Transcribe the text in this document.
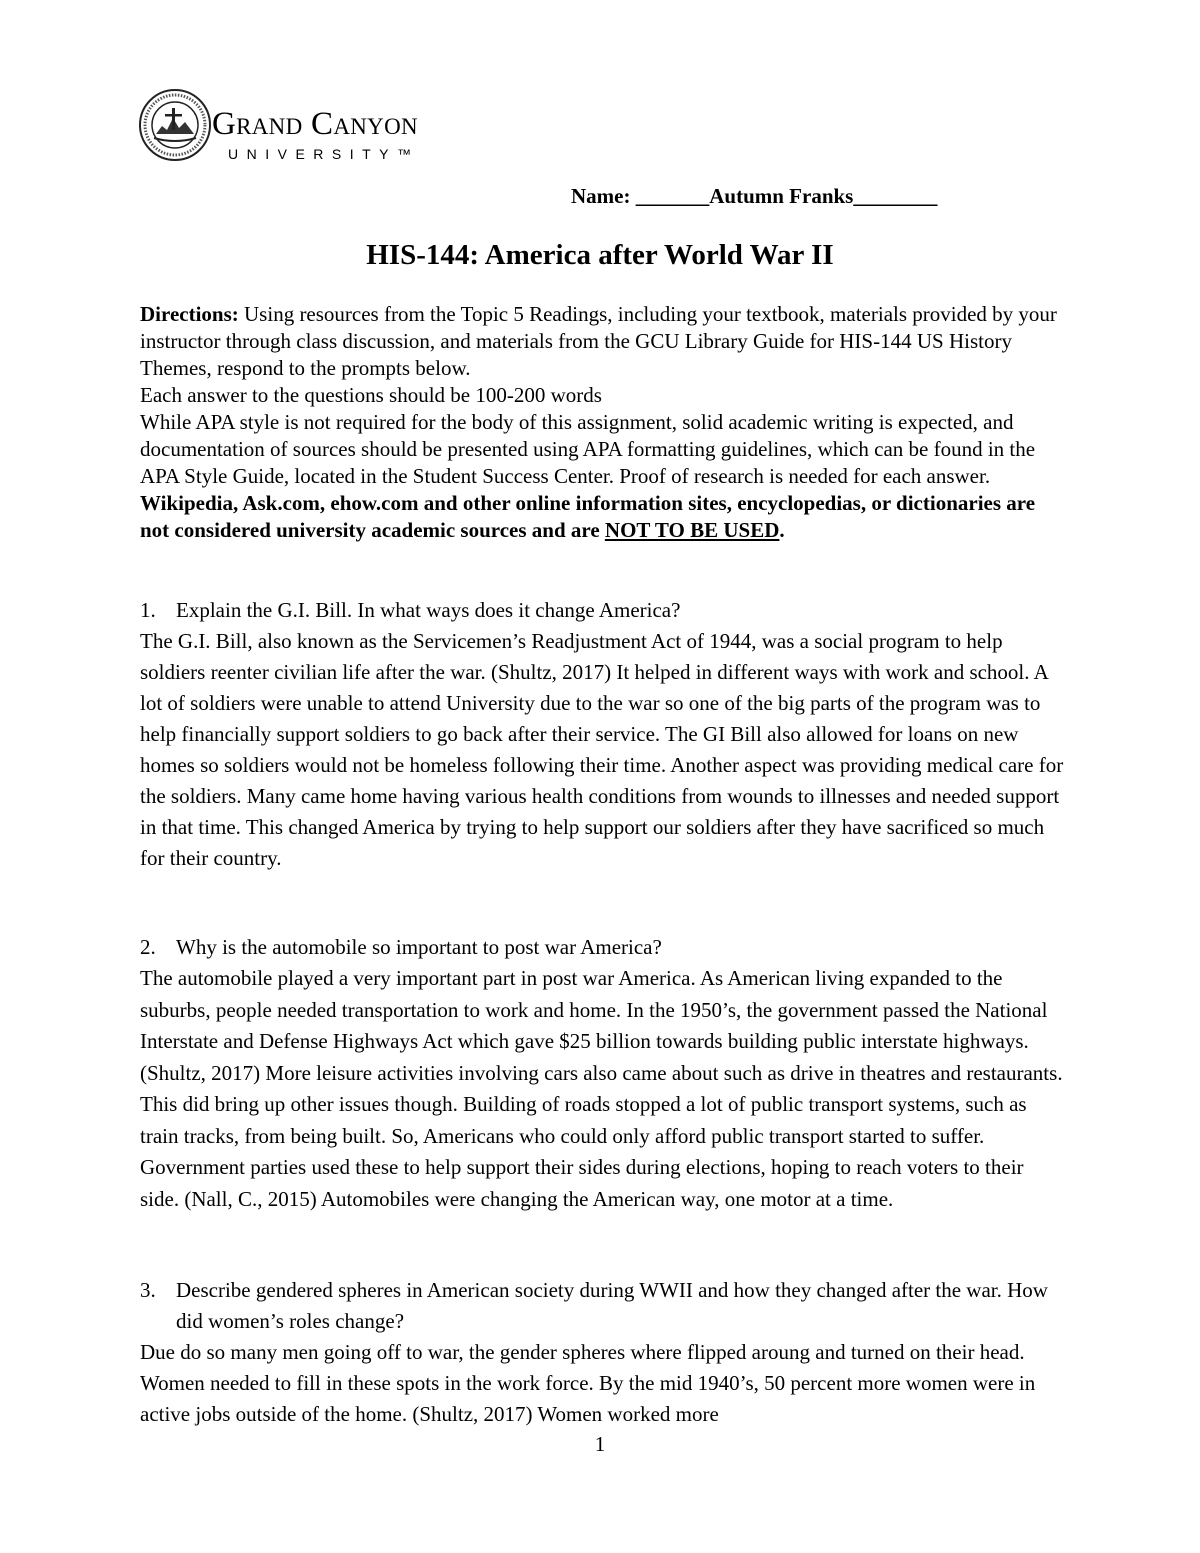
Grand Canyon
UNIVERSITY™
Name: _______Autumn Franks________
HIS-144: America after World War II

Directions: Using resources from the Topic 5 Readings, including your textbook, materials provided by your instructor through class discussion, and materials from the GCU Library Guide for HIS-144 US History Themes, respond to the prompts below.

Each answer to the questions should be 100-200 words

While APA style is not required for the body of this assignment, solid academic writing is expected, and documentation of sources should be presented using APA formatting guidelines, which can be found in the APA Style Guide, located in the Student Success Center. Proof of research is needed for each answer.

Wikipedia, Ask.com, ehow.com and other online information sites, encyclopedias, or dictionaries are not considered university academic sources and are NOT TO BE USED.

1. Explain the G.I. Bill. In what ways does it change America?

The G.I. Bill, also known as the Servicemen’s Readjustment Act of 1944, was a social program to help soldiers reenter civilian life after the war. (Shultz, 2017) It helped in different ways with work and school. A lot of soldiers were unable to attend University due to the war so one of the big parts of the program was to help financially support soldiers to go back after their service. The GI Bill also allowed for loans on new homes so soldiers would not be homeless following their time. Another aspect was providing medical care for the soldiers. Many came home having various health conditions from wounds to illnesses and needed support in that time. This changed America by trying to help support our soldiers after they have sacrificed so much for their country.

2. Why is the automobile so important to post war America?

The automobile played a very important part in post war America. As American living expanded to the suburbs, people needed transportation to work and home. In the 1950’s, the government passed the National Interstate and Defense Highways Act which gave $25 billion towards building public interstate highways. (Shultz, 2017) More leisure activities involving cars also came about such as drive in theatres and restaurants. This did bring up other issues though. Building of roads stopped a lot of public transport systems, such as train tracks, from being built. So, Americans who could only afford public transport started to suffer. Government parties used these to help support their sides during elections, hoping to reach voters to their side. (Nall, C., 2015) Automobiles were changing the American way, one motor at a time.

3. Describe gendered spheres in American society during WWII and how they changed after the war. How did women’s roles change?

Due do so many men going off to war, the gender spheres where flipped aroung and turned on their head. Women needed to fill in these spots in the work force. By the mid 1940’s, 50 percent more women were in active jobs outside of the home. (Shultz, 2017) Women worked more

1
